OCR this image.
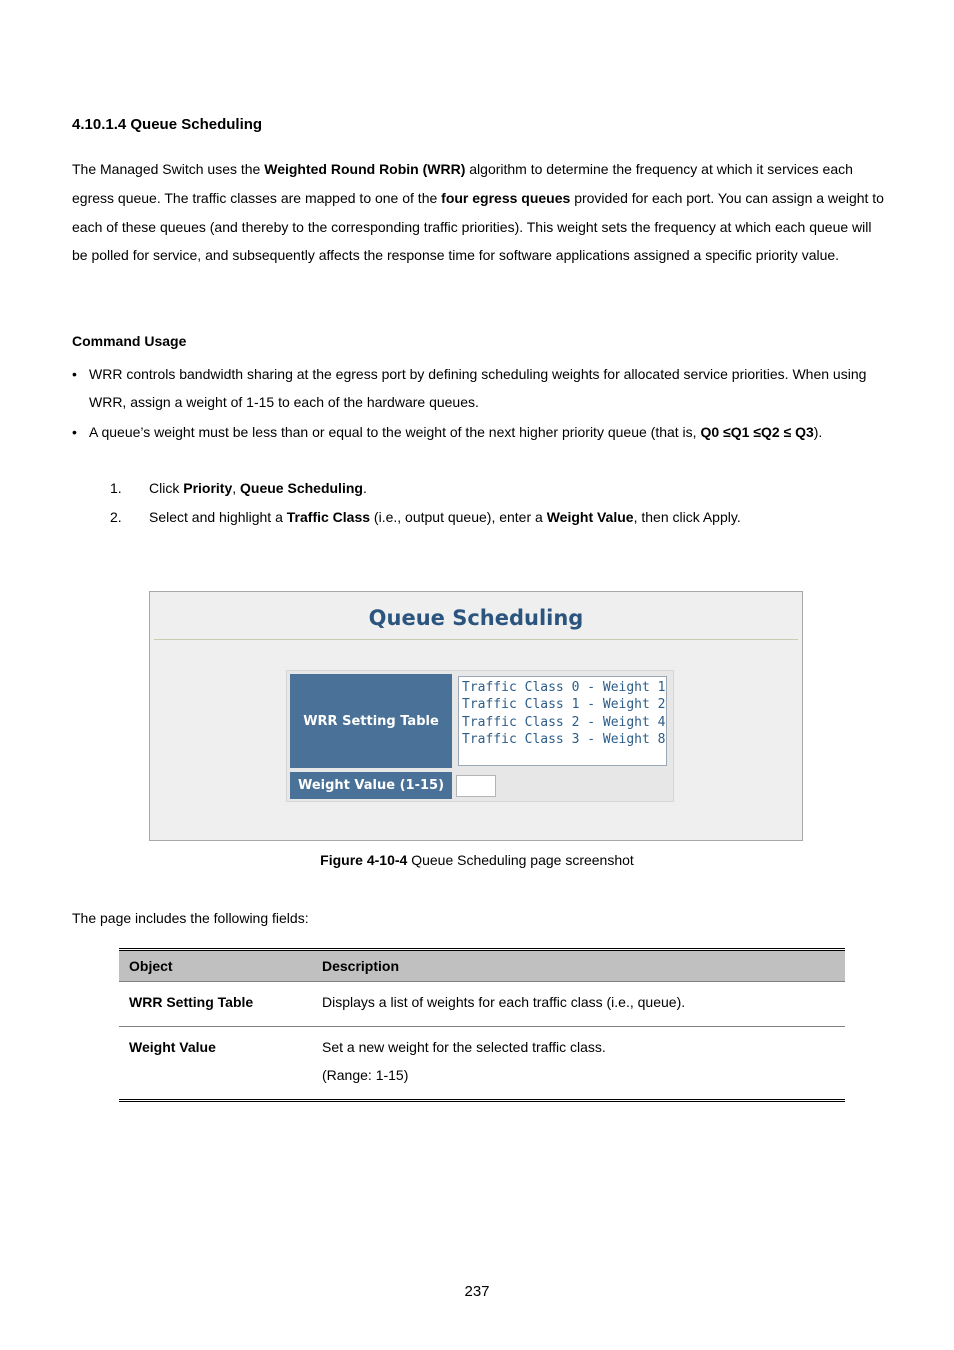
4.10.1.4 Queue Scheduling
The Managed Switch uses the Weighted Round Robin (WRR) algorithm to determine the frequency at which it services each egress queue. The traffic classes are mapped to one of the four egress queues provided for each port. You can assign a weight to each of these queues (and thereby to the corresponding traffic priorities). This weight sets the frequency at which each queue will be polled for service, and subsequently affects the response time for software applications assigned a specific priority value.
Command Usage
• WRR controls bandwidth sharing at the egress port by defining scheduling weights for allocated service priorities. When using WRR, assign a weight of 1-15 to each of the hardware queues.
• A queue’s weight must be less than or equal to the weight of the next higher priority queue (that is, Q0 ≤Q1 ≤Q2 ≤ Q3).
1.	Click Priority, Queue Scheduling.
2.	Select and highlight a Traffic Class (i.e., output queue), enter a Weight Value, then click Apply.
Queue Scheduling
WRR Setting Table
Traffic Class 0 - Weight 1
Traffic Class 1 - Weight 2
Traffic Class 2 - Weight 4
Traffic Class 3 - Weight 8
Weight Value (1-15)
Figure 4-10-4 Queue Scheduling page screenshot
The page includes the following fields:
Object	Description
WRR Setting Table	Displays a list of weights for each traffic class (i.e., queue).

Weight Value	Set a new weight for the selected traffic class.

(Range: 1-15)

237
